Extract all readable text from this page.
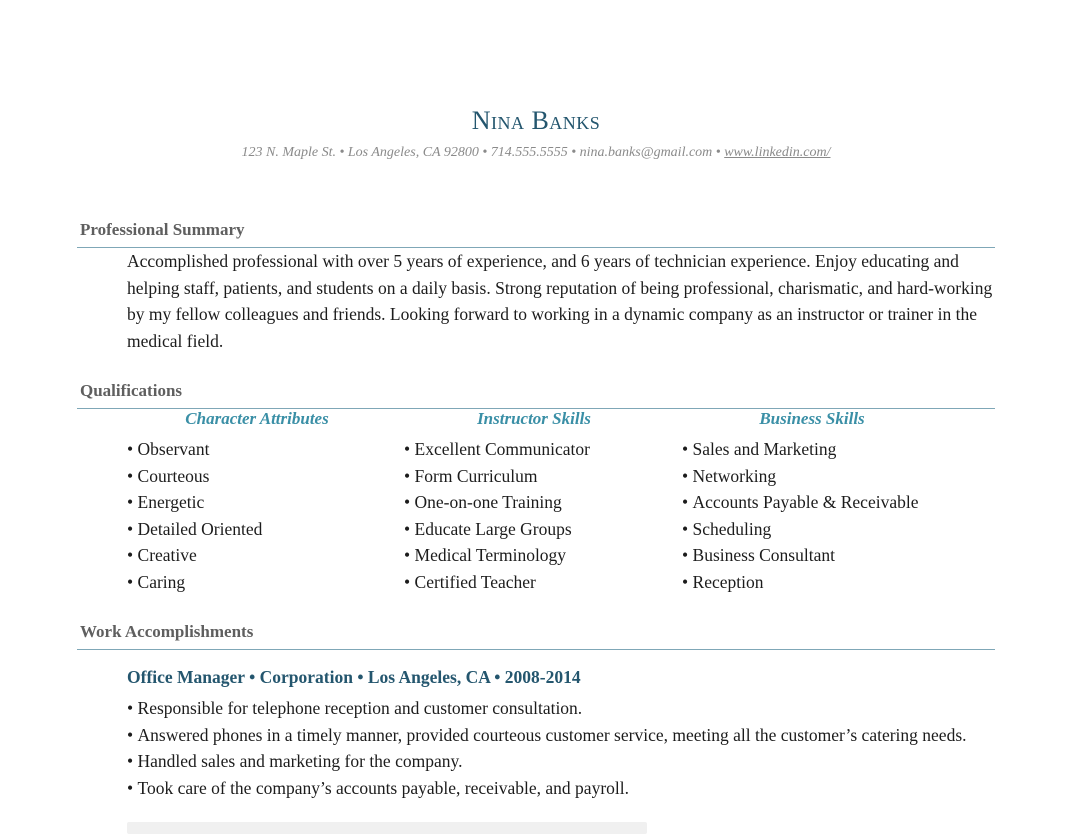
Nina Banks
123 N. Maple St. • Los Angeles, CA 92800 • 714.555.5555 • nina.banks@gmail.com • www.linkedin.com/
Professional Summary
Accomplished professional with over 5 years of experience, and 6 years of technician experience. Enjoy educating and helping staff, patients, and students on a daily basis. Strong reputation of being professional, charismatic, and hard-working by my fellow colleagues and friends. Looking forward to working in a dynamic company as an instructor or trainer in the medical field.
Qualifications
Character Attributes	Instructor Skills	Business Skills
• Observant
• Courteous
• Energetic
• Detailed Oriented
• Creative
• Caring
• Excellent Communicator
• Form Curriculum
• One-on-one Training
• Educate Large Groups
• Medical Terminology
• Certified Teacher
• Sales and Marketing
• Networking
• Accounts Payable & Receivable
• Scheduling
• Business Consultant
• Reception
Work Accomplishments
Office Manager • Corporation • Los Angeles, CA • 2008-2014
• Responsible for telephone reception and customer consultation.
• Answered phones in a timely manner, provided courteous customer service, meeting all the customer’s catering needs.
• Handled sales and marketing for the company.
• Took care of the company’s accounts payable, receivable, and payroll.
